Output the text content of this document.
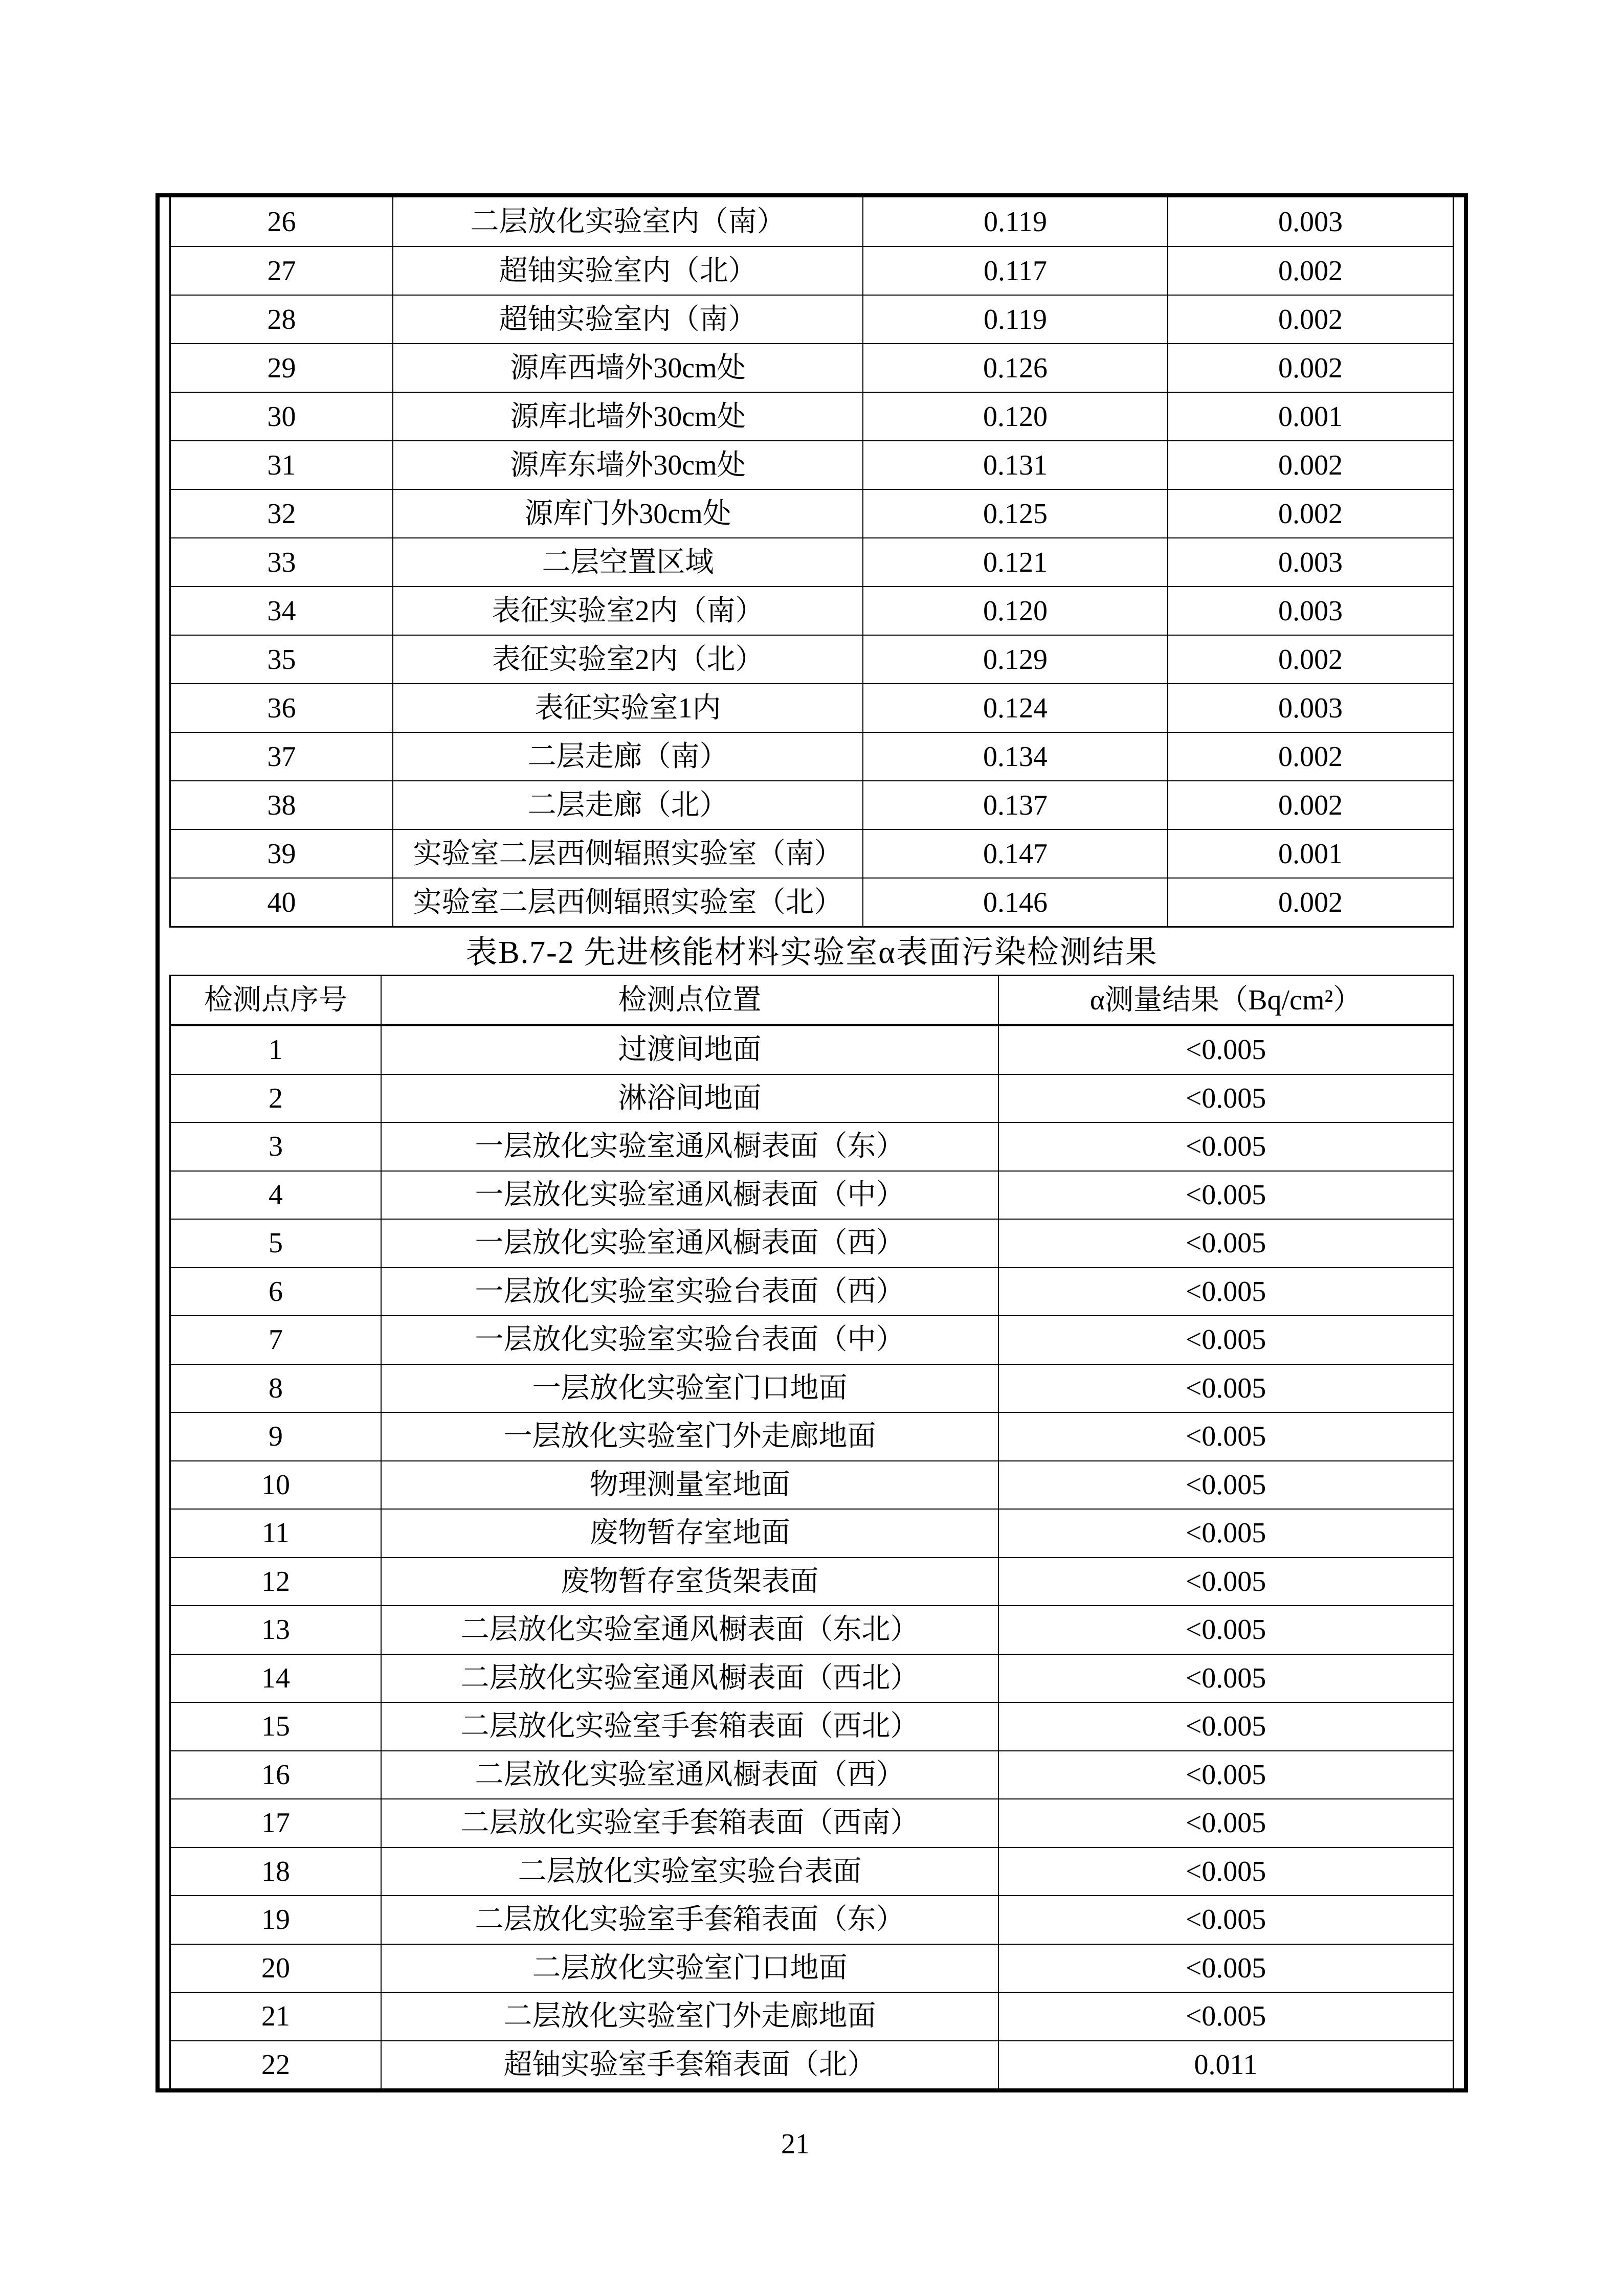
26	二层放化实验室内（南）	0.119	0.003
27	超铀实验室内（北）	0.117	0.002
28	超铀实验室内（南）	0.119	0.002
29	源库西墙外30cm处	0.126	0.002
30	源库北墙外30cm处	0.120	0.001
31	源库东墙外30cm处	0.131	0.002
32	源库门外30cm处	0.125	0.002
33	二层空置区域	0.121	0.003
34	表征实验室2内（南）	0.120	0.003
35	表征实验室2内（北）	0.129	0.002
36	表征实验室1内	0.124	0.003
37	二层走廊（南）	0.134	0.002
38	二层走廊（北）	0.137	0.002
39	实验室二层西侧辐照实验室（南）	0.147	0.001
40	实验室二层西侧辐照实验室（北）	0.146	0.002
表B.7-2 先进核能材料实验室α表面污染检测结果
检测点序号	检测点位置	α测量结果（Bq/cm²）
1	过渡间地面	<0.005
2	淋浴间地面	<0.005
3	一层放化实验室通风橱表面（东）	<0.005
4	一层放化实验室通风橱表面（中）	<0.005
5	一层放化实验室通风橱表面（西）	<0.005
6	一层放化实验室实验台表面（西）	<0.005
7	一层放化实验室实验台表面（中）	<0.005
8	一层放化实验室门口地面	<0.005
9	一层放化实验室门外走廊地面	<0.005
10	物理测量室地面	<0.005
11	废物暂存室地面	<0.005
12	废物暂存室货架表面	<0.005
13	二层放化实验室通风橱表面（东北）	<0.005
14	二层放化实验室通风橱表面（西北）	<0.005
15	二层放化实验室手套箱表面（西北）	<0.005
16	二层放化实验室通风橱表面（西）	<0.005
17	二层放化实验室手套箱表面（西南）	<0.005
18	二层放化实验室实验台表面	<0.005
19	二层放化实验室手套箱表面（东）	<0.005
20	二层放化实验室门口地面	<0.005
21	二层放化实验室门外走廊地面	<0.005
22	超铀实验室手套箱表面（北）	0.011
21
